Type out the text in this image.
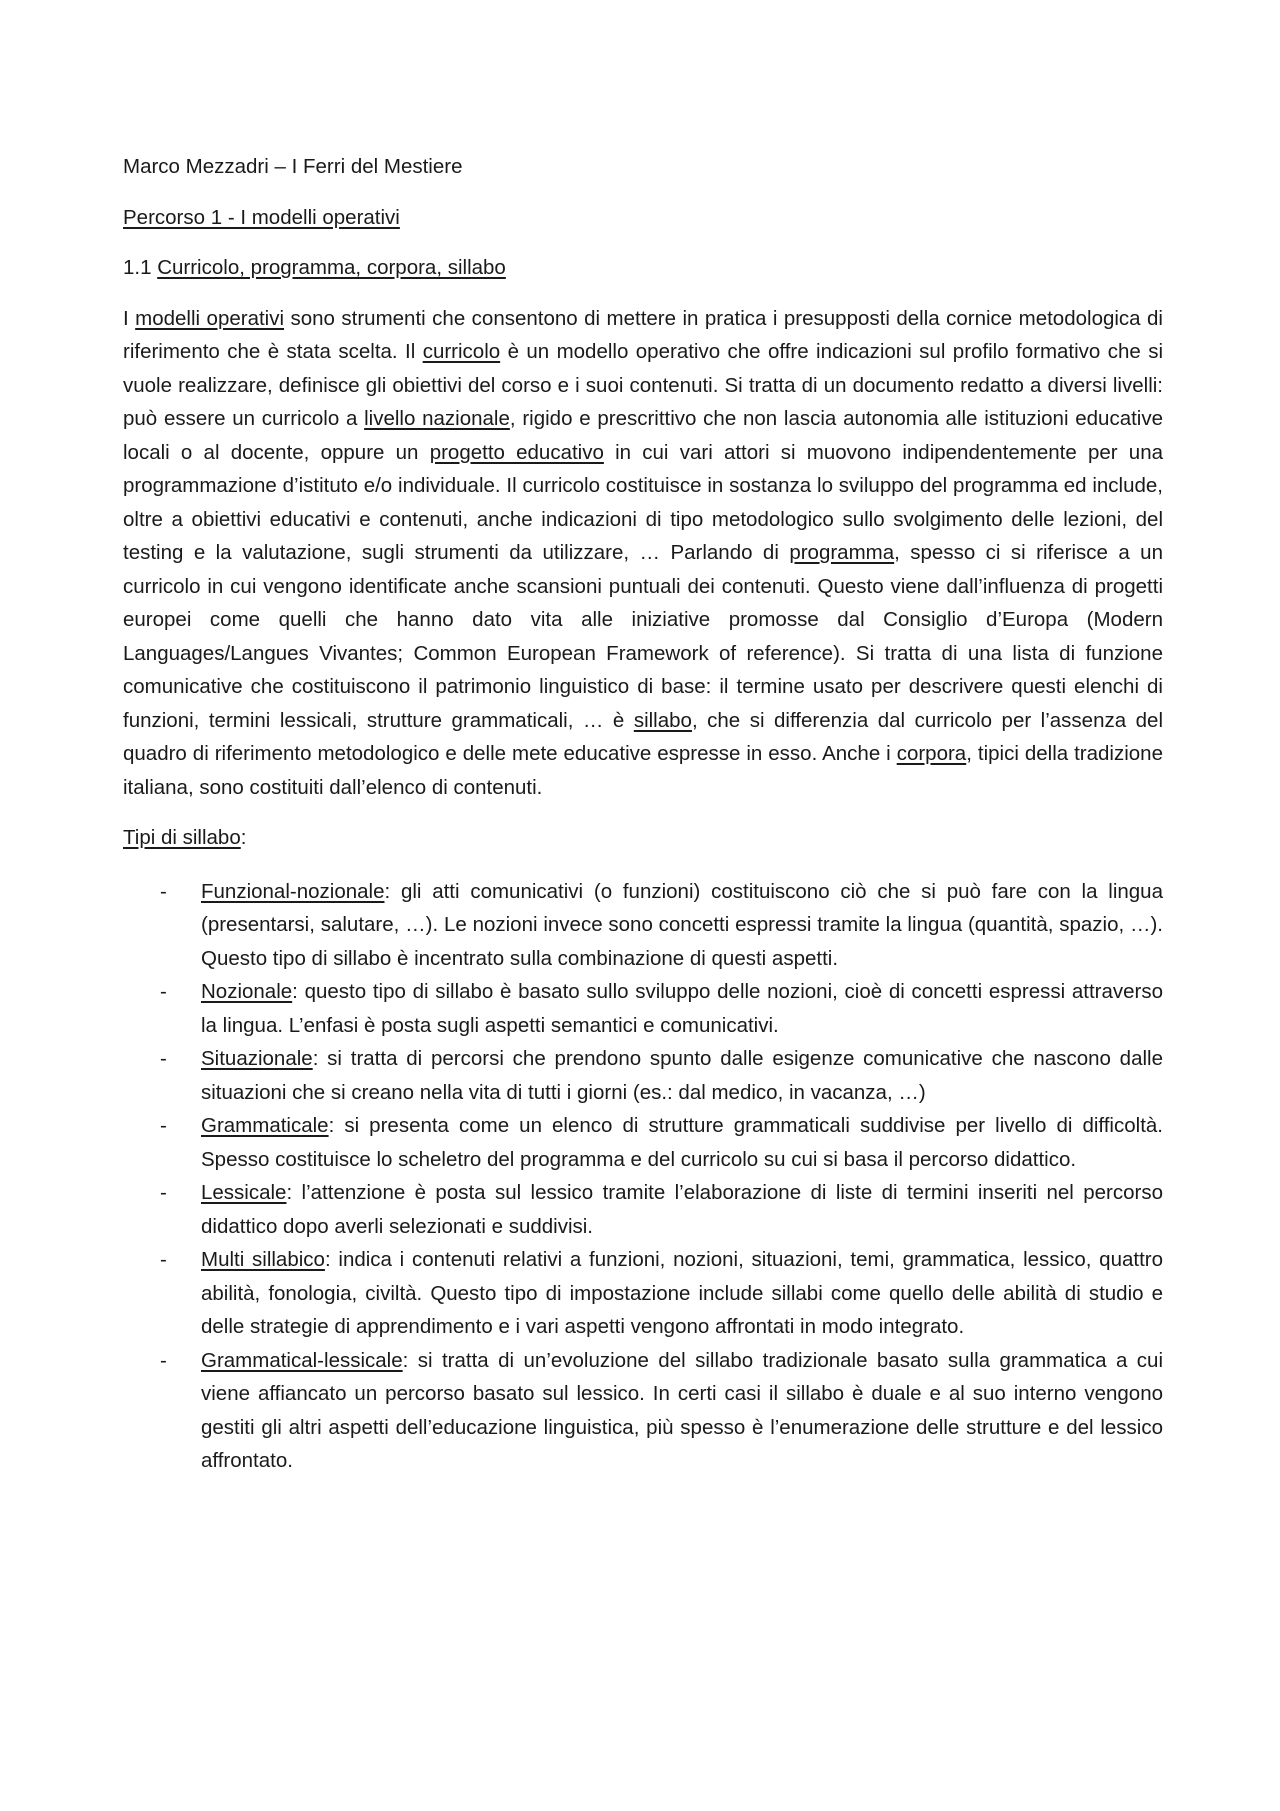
Marco Mezzadri – I Ferri del Mestiere
Percorso 1 - I modelli operativi
1.1 Curricolo, programma, corpora, sillabo

I modelli operativi sono strumenti che consentono di mettere in pratica i presupposti della cornice metodologica di riferimento che è stata scelta. Il curricolo è un modello operativo che offre indicazioni sul profilo formativo che si vuole realizzare, definisce gli obiettivi del corso e i suoi contenuti. Si tratta di un documento redatto a diversi livelli: può essere un curricolo a livello nazionale, rigido e prescrittivo che non lascia autonomia alle istituzioni educative locali o al docente, oppure un progetto educativo in cui vari attori si muovono indipendentemente per una programmazione d’istituto e/o individuale. Il curricolo costituisce in sostanza lo sviluppo del programma ed include, oltre a obiettivi educativi e contenuti, anche indicazioni di tipo metodologico sullo svolgimento delle lezioni, del testing e la valutazione, sugli strumenti da utilizzare, … Parlando di programma, spesso ci si riferisce a un curricolo in cui vengono identificate anche scansioni puntuali dei contenuti. Questo viene dall’influenza di progetti europei come quelli che hanno dato vita alle iniziative promosse dal Consiglio d’Europa (Modern Languages/Langues Vivantes; Common European Framework of reference). Si tratta di una lista di funzione comunicative che costituiscono il patrimonio linguistico di base: il termine usato per descrivere questi elenchi di funzioni, termini lessicali, strutture grammaticali, … è sillabo, che si differenzia dal curricolo per l’assenza del quadro di riferimento metodologico e delle mete educative espresse in esso. Anche i corpora, tipici della tradizione italiana, sono costituiti dall’elenco di contenuti.

Tipi di sillabo:
- Funzional-nozionale: gli atti comunicativi (o funzioni) costituiscono ciò che si può fare con la lingua (presentarsi, salutare, …). Le nozioni invece sono concetti espressi tramite la lingua (quantità, spazio, …). Questo tipo di sillabo è incentrato sulla combinazione di questi aspetti.
- Nozionale: questo tipo di sillabo è basato sullo sviluppo delle nozioni, cioè di concetti espressi attraverso la lingua. L’enfasi è posta sugli aspetti semantici e comunicativi.
- Situazionale: si tratta di percorsi che prendono spunto dalle esigenze comunicative che nascono dalle situazioni che si creano nella vita di tutti i giorni (es.: dal medico, in vacanza, …)
- Grammaticale: si presenta come un elenco di strutture grammaticali suddivise per livello di difficoltà. Spesso costituisce lo scheletro del programma e del curricolo su cui si basa il percorso didattico.
- Lessicale: l’attenzione è posta sul lessico tramite l’elaborazione di liste di termini inseriti nel percorso didattico dopo averli selezionati e suddivisi.
- Multi sillabico: indica i contenuti relativi a funzioni, nozioni, situazioni, temi, grammatica, lessico, quattro abilità, fonologia, civiltà. Questo tipo di impostazione include sillabi come quello delle abilità di studio e delle strategie di apprendimento e i vari aspetti vengono affrontati in modo integrato.
- Grammatical-lessicale: si tratta di un’evoluzione del sillabo tradizionale basato sulla grammatica a cui viene affiancato un percorso basato sul lessico. In certi casi il sillabo è duale e al suo interno vengono gestiti gli altri aspetti dell’educazione linguistica, più spesso è l’enumerazione delle strutture e del lessico affrontato.
